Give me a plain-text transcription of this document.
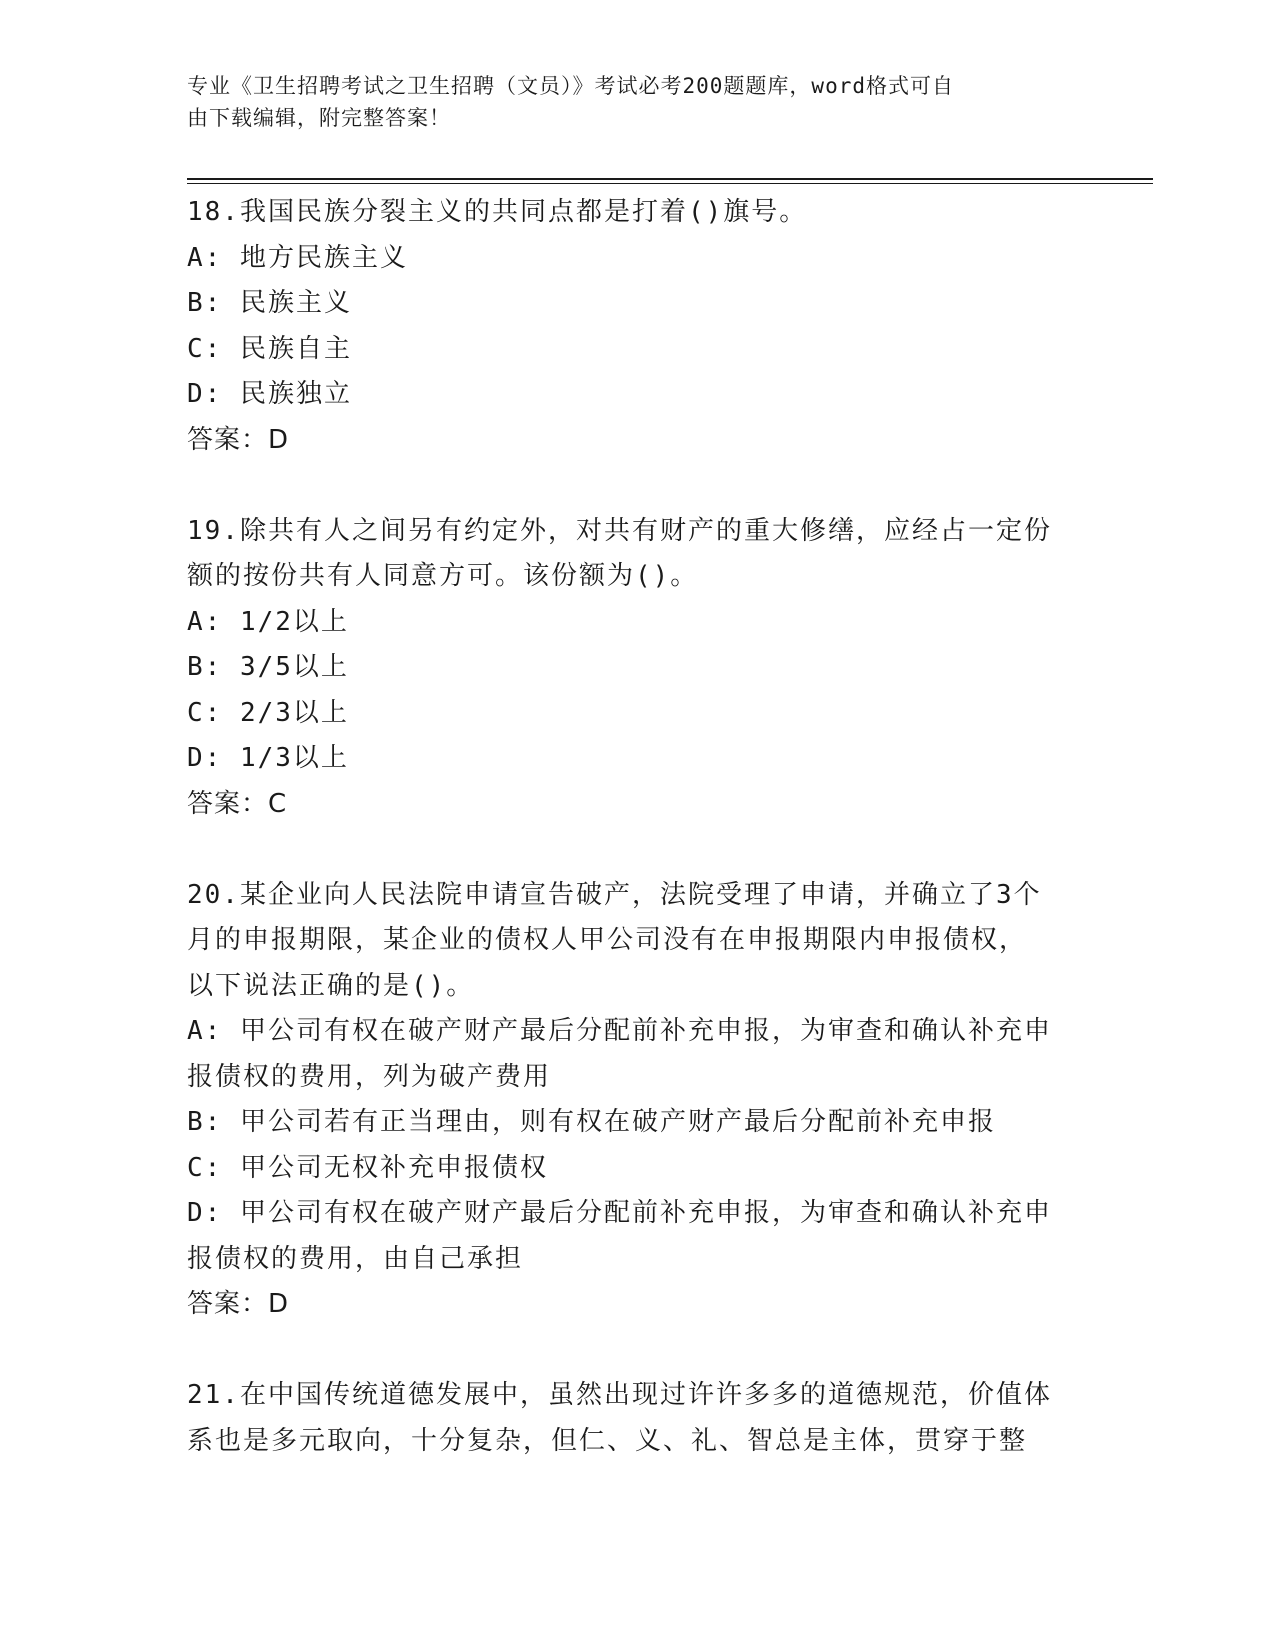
专业《卫生招聘考试之卫生招聘（文员）》考试必考200题题库，word格式可自
由下载编辑，附完整答案！
18.我国民族分裂主义的共同点都是打着()旗号。
A: 地方民族主义
B: 民族主义
C: 民族自主
D: 民族独立
答案：D
19.除共有人之间另有约定外，对共有财产的重大修缮，应经占一定份
额的按份共有人同意方可。该份额为()。
A: 1/2以上
B: 3/5以上
C: 2/3以上
D: 1/3以上
答案：C
20.某企业向人民法院申请宣告破产，法院受理了申请，并确立了3个
月的申报期限，某企业的债权人甲公司没有在申报期限内申报债权，
以下说法正确的是()。
A: 甲公司有权在破产财产最后分配前补充申报，为审查和确认补充申
报债权的费用，列为破产费用
B: 甲公司若有正当理由，则有权在破产财产最后分配前补充申报
C: 甲公司无权补充申报债权
D: 甲公司有权在破产财产最后分配前补充申报，为审查和确认补充申
报债权的费用，由自己承担
答案：D
21.在中国传统道德发展中，虽然出现过许许多多的道德规范，价值体
系也是多元取向，十分复杂，但仁、义、礼、智总是主体，贯穿于整
